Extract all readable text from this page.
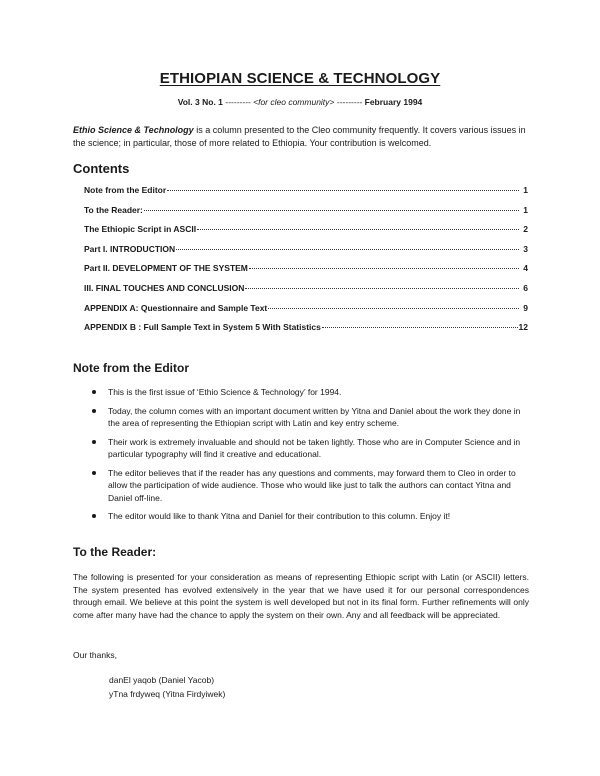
ETHIOPIAN SCIENCE & TECHNOLOGY
Vol. 3 No. 1 --------- <for cleo community> --------- February 1994

Ethio Science & Technology is a column presented to the Cleo community frequently. It covers various issues in the science; in particular, those of more related to Ethiopia. Your contribution is welcomed.

Contents
Note from the Editor	1
To the Reader:	1
The Ethiopic Script in ASCII	2
Part I. INTRODUCTION	3
Part II. DEVELOPMENT OF THE SYSTEM	4
III. FINAL TOUCHES AND CONCLUSION	6
APPENDIX A: Questionnaire and Sample Text	9
APPENDIX B : Full Sample Text in System 5 With Statistics	12
Note from the Editor
This is the first issue of ‘Ethio Science & Technology’ for 1994.
Today, the column comes with an important document written by Yitna and Daniel about the work they done in the area of representing the Ethiopian script with Latin and key entry scheme.
Their work is extremely invaluable and should not be taken lightly. Those who are in Computer Science and in particular typography will find it creative and educational.
The editor believes that if the reader has any questions and comments, may forward them to Cleo in order to allow the participation of wide audience. Those who would like just to talk the authors can contact Yitna and Daniel off-line.
The editor would like to thank Yitna and Daniel for their contribution to this column. Enjoy it!
To the Reader:

The following is presented for your consideration as means of representing Ethiopic script with Latin (or ASCII) letters. The system presented has evolved extensively in the year that we have used it for our personal correspondences through email. We believe at this point the system is well developed but not in its final form. Further refinements will only come after many have had the chance to apply the system on their own. Any and all feedback will be appreciated.

Our thanks,
danEl yaqob (Daniel Yacob)
yTna frdyweq (Yitna Firdyiwek)
